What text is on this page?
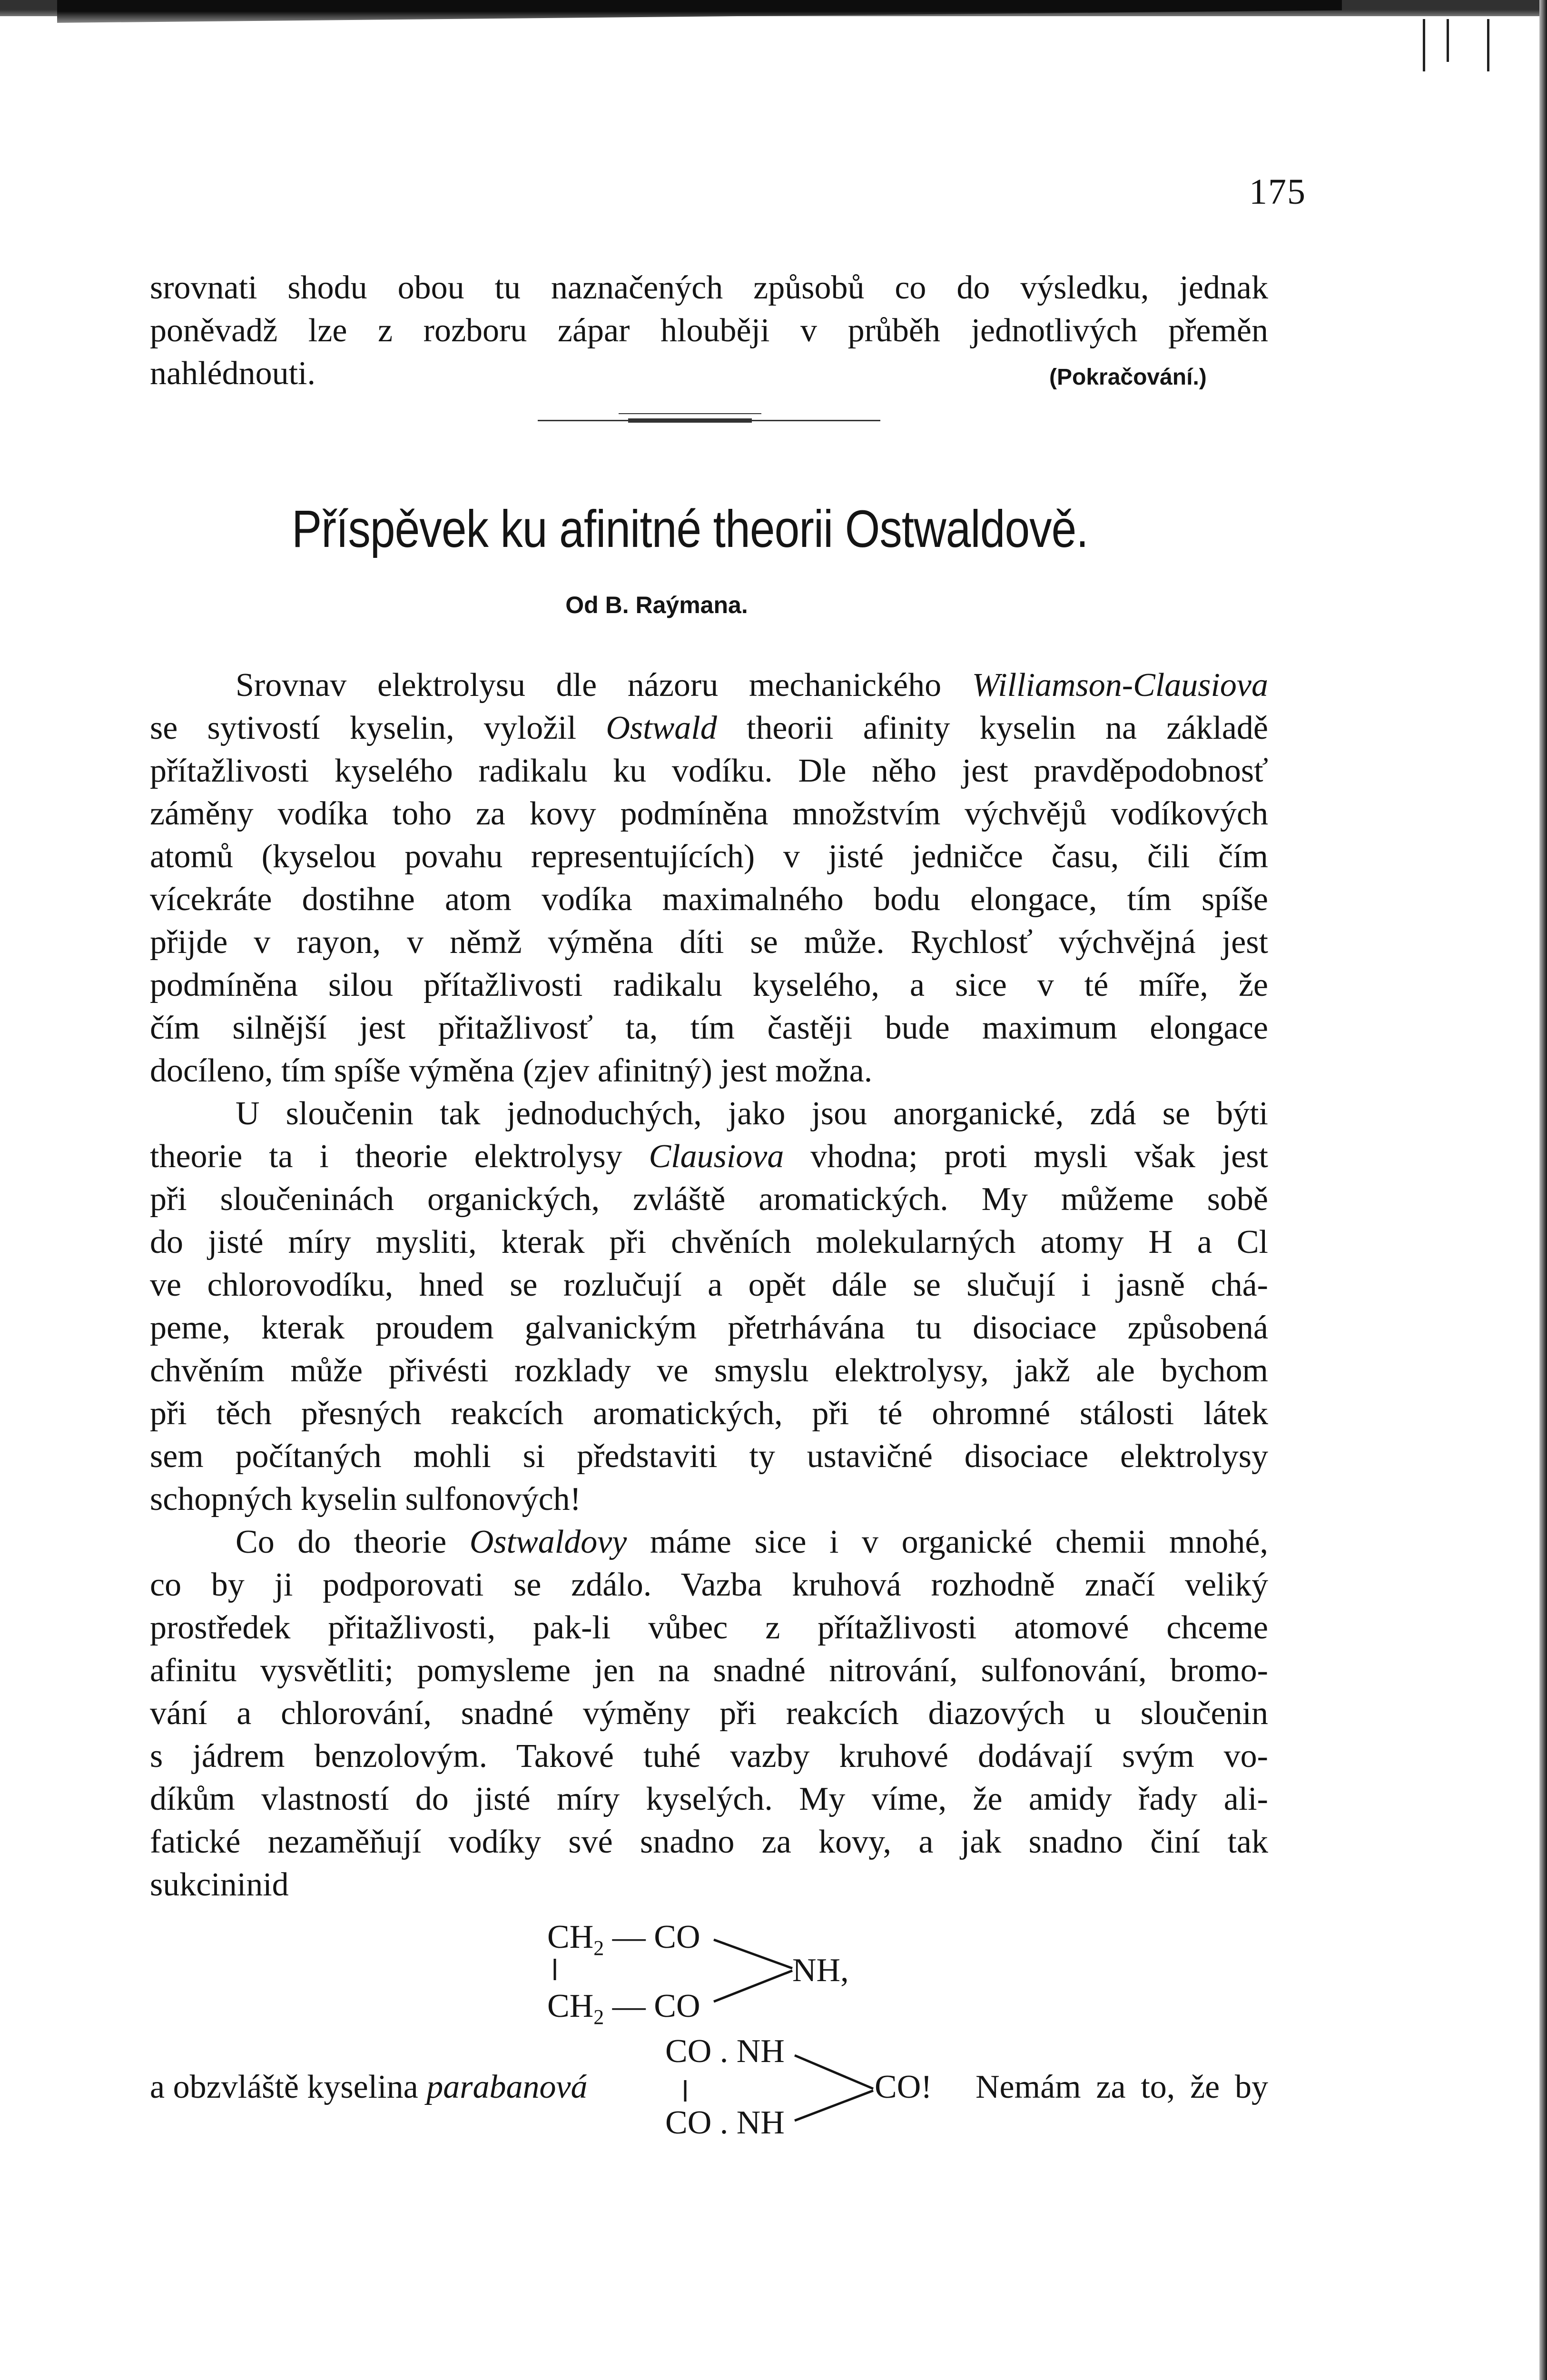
175
srovnati shodu obou tu naznačených způsobů co do výsledku, jednak
poněvadž lze z rozboru zápar hlouběji v průběh jednotlivých přeměn
nahlédnouti.	(Pokračování.)
Příspěvek ku afinitné theorii Ostwaldově.
Od B. Raýmana.
Srovnav elektrolysu dle názoru mechanického Williamson-Clausiova
se sytivostí kyselin, vyložil Ostwald theorii afinity kyselin na základě
přítažlivosti kyselého radikalu ku vodíku. Dle něho jest pravděpodobnosť
záměny vodíka toho za kovy podmíněna množstvím výchvějů vodíkových
atomů (kyselou povahu representujících) v jisté jedničce času, čili čím
vícekráte dostihne atom vodíka maximalného bodu elongace, tím spíše
přijde v rayon, v němž výměna díti se může. Rychlosť výchvějná jest
podmíněna silou přítažlivosti radikalu kyselého, a sice v té míře, že
čím silnější jest přitažlivosť ta, tím častěji bude maximum elongace
docíleno, tím spíše výměna (zjev afinitný) jest možna.
U sloučenin tak jednoduchých, jako jsou anorganické, zdá se býti
theorie ta i theorie elektrolysy Clausiova vhodna; proti mysli však jest
při sloučeninách organických, zvláště aromatických. My můžeme sobě
do jisté míry mysliti, kterak při chvěních molekularných atomy H a Cl
ve chlorovodíku, hned se rozlučují a opět dále se slučují i jasně chá-
peme, kterak proudem galvanickým přetrhávána tu disociace způsobená
chvěním může přivésti rozklady ve smyslu elektrolysy, jakž ale bychom
při těch přesných reakcích aromatických, při té ohromné stálosti látek
sem počítaných mohli si představiti ty ustavičné disociace elektrolysy
schopných kyselin sulfonových!
Co do theorie Ostwaldovy máme sice i v organické chemii mnohé,
co by ji podporovati se zdálo. Vazba kruhová rozhodně značí veliký
prostředek přitažlivosti, pak-li vůbec z přítažlivosti atomové chceme
afinitu vysvětliti; pomysleme jen na snadné nitrování, sulfonování, bromo-
vání a chlorování, snadné výměny při reakcích diazových u sloučenin
s jádrem benzolovým. Takové tuhé vazby kruhové dodávají svým vo-
díkům vlastností do jisté míry kyselých. My víme, že amidy řady ali-
fatické nezaměňují vodíky své snadno za kovy, a jak snadno činí tak
sukcininid
$CH_2$ — CO
$CH_2$ — CO
NH,
CO . NH
a obzvláště kyselina parabanová	CO! Nemám za to, že by
CO . NH
